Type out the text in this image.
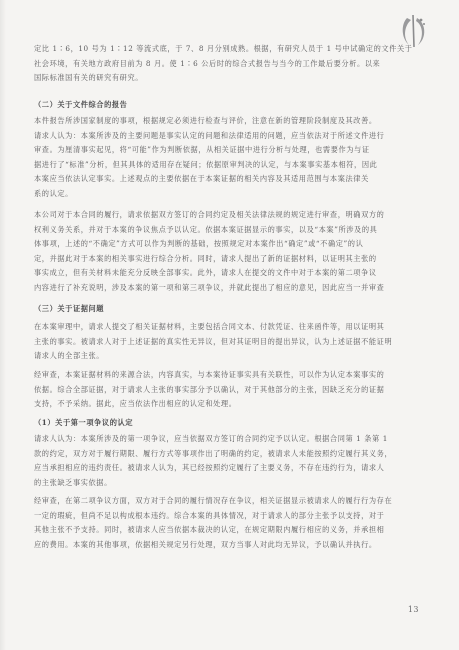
定比 1∶6，10 号为 1∶12 等流式底，于 7、8 月分别成熟。根据，有研究人员于 1 号中试确定的文件关于
社会环境，有关地方政府目前为 8 月。使 1∶6 公后时的综合式报告与当今的工作最后要分析。以来
国际标准国有关的研究有研究。
（二）关于文件综合的报告
本件报告所涉国家制度的事项，根据规定必须进行检查与评价，注意在新的管理阶段制度及其改善。
请求人认为：本案所涉及的主要问题是事实认定的问题和法律适用的问题，应当依法对于所述文件进行
审查。为厘清事实起见，将“可能”作为判断依据，从相关证据中进行分析与处理，也需要作为与证
据进行了“标准”分析，但其具体的适用存在疑问；依据原审判决的认定，与本案事实基本相符，因此
本案应当依法认定事实。上述观点的主要依据在于本案证据的相关内容及其适用范围与本案法律关
系的认定。
本公司对于本合同的履行，请求依据双方签订的合同约定及相关法律法规的规定进行审查，明确双方的
权利义务关系，并对于本案的争议焦点予以认定。依据本案证据显示的事实，以及“本案”所涉及的具
体事项，上述的“不确定”方式可以作为判断的基础，按照规定对本案作出“确定”或“不确定”的认
定，并据此对于本案的相关事实进行综合分析。同时，请求人提出了新的证据材料，以证明其主张的
事实成立，但有关材料未能充分反映全部事实。此外，请求人在提交的文件中对于本案的第二项争议
内容进行了补充说明，涉及本案的第一项和第三项争议，并就此提出了相应的意见，因此应当一并审查
（三）关于证据问题
在本案审理中，请求人提交了相关证据材料，主要包括合同文本、付款凭证、往来函件等，用以证明其
主张的事实。被请求人对于上述证据的真实性无异议，但对其证明目的提出异议，认为上述证据不能证明
请求人的全部主张。
经审查，本案证据材料的来源合法，内容真实，与本案待证事实具有关联性，可以作为认定本案事实的
依据。综合全部证据，对于请求人主张的事实部分予以确认，对于其他部分的主张，因缺乏充分的证据
支持，不予采纳。据此，应当依法作出相应的认定和处理。
（1）关于第一项争议的认定
请求人认为：本案所涉及的第一项争议，应当依据双方签订的合同约定予以认定。根据合同第 1 条第 1
款的约定，双方对于履行期限、履行方式等事项作出了明确的约定，被请求人未能按照约定履行其义务，
应当承担相应的违约责任。被请求人认为，其已经按照约定履行了主要义务，不存在违约行为，请求人
的主张缺乏事实依据。
经审查，在第二项争议方面，双方对于合同的履行情况存在争议，相关证据显示被请求人的履行行为存在
一定的瑕疵，但尚不足以构成根本违约。综合本案的具体情况，对于请求人的部分主张予以支持，对于
其他主张不予支持。同时，被请求人应当依据本裁决的认定，在规定期限内履行相应的义务，并承担相
应的费用。本案的其他事项，依据相关规定另行处理，双方当事人对此均无异议，予以确认并执行。
13
